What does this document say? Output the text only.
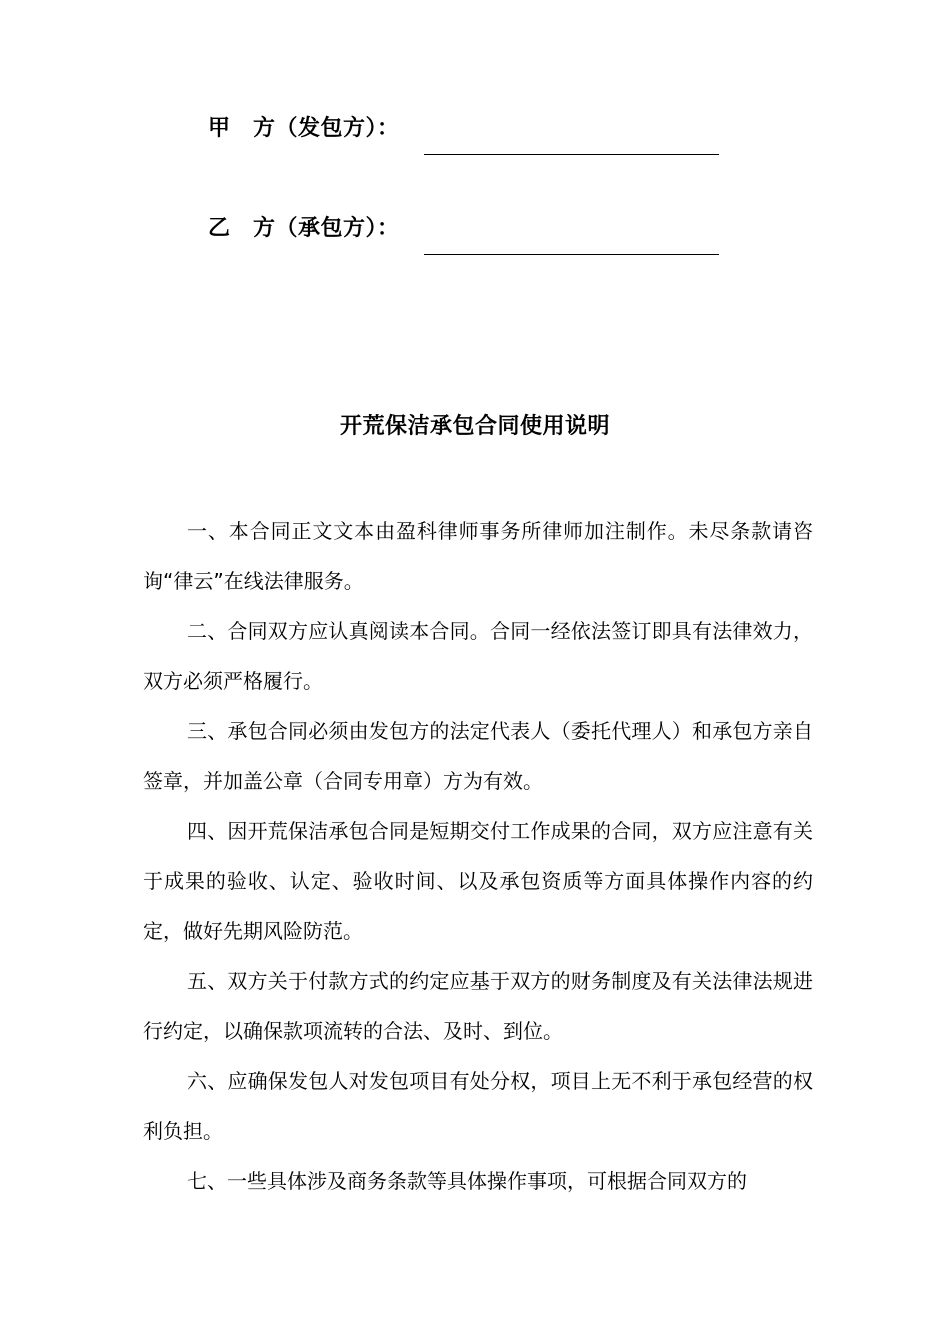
甲　方（发包方）：
乙　方（承包方）：
开荒保洁承包合同使用说明

一、本合同正文文本由盈科律师事务所律师加注制作。未尽条款请咨询“律云”在线法律服务。

二、合同双方应认真阅读本合同。合同一经依法签订即具有法律效力，双方必须严格履行。

三、承包合同必须由发包方的法定代表人（委托代理人）和承包方亲自签章，并加盖公章（合同专用章）方为有效。

四、因开荒保洁承包合同是短期交付工作成果的合同，双方应注意有关于成果的验收、认定、验收时间、以及承包资质等方面具体操作内容的约定，做好先期风险防范。

五、双方关于付款方式的约定应基于双方的财务制度及有关法律法规进行约定，以确保款项流转的合法、及时、到位。

六、应确保发包人对发包项目有处分权，项目上无不利于承包经营的权利负担。

七、一些具体涉及商务条款等具体操作事项，可根据合同双方的
